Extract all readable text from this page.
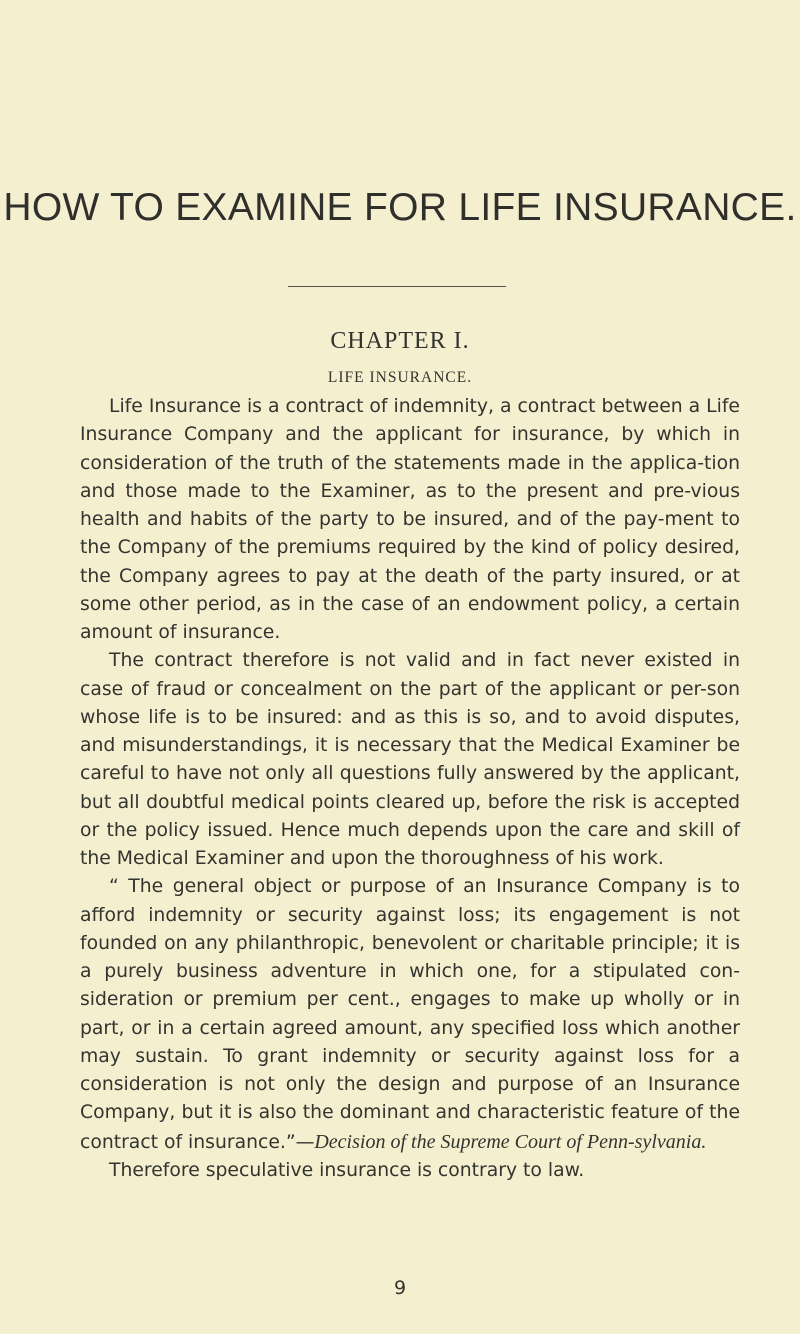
HOW TO EXAMINE FOR LIFE INSURANCE.
CHAPTER I.
LIFE INSURANCE.

Life Insurance is a contract of indemnity, a contract between a Life Insurance Company and the applicant for insurance, by which in consideration of the truth of the statements made in the applica-tion and those made to the Examiner, as to the present and pre-vious health and habits of the party to be insured, and of the pay-ment to the Company of the premiums required by the kind of policy desired, the Company agrees to pay at the death of the party insured, or at some other period, as in the case of an endowment policy, a certain amount of insurance.

The contract therefore is not valid and in fact never existed in case of fraud or concealment on the part of the applicant or per-son whose life is to be insured: and as this is so, and to avoid disputes, and misunderstandings, it is necessary that the Medical Examiner be careful to have not only all questions fully answered by the applicant, but all doubtful medical points cleared up, before the risk is accepted or the policy issued. Hence much depends upon the care and skill of the Medical Examiner and upon the thoroughness of his work.

“ The general object or purpose of an Insurance Company is to afford indemnity or security against loss; its engagement is not founded on any philanthropic, benevolent or charitable principle; it is a purely business adventure in which one, for a stipulated con-sideration or premium per cent., engages to make up wholly or in part, or in a certain agreed amount, any specified loss which another may sustain. To grant indemnity or security against loss for a consideration is not only the design and purpose of an Insurance Company, but it is also the dominant and characteristic feature of the contract of insurance.”—Decision of the Supreme Court of Penn-sylvania.

Therefore speculative insurance is contrary to law.

9
